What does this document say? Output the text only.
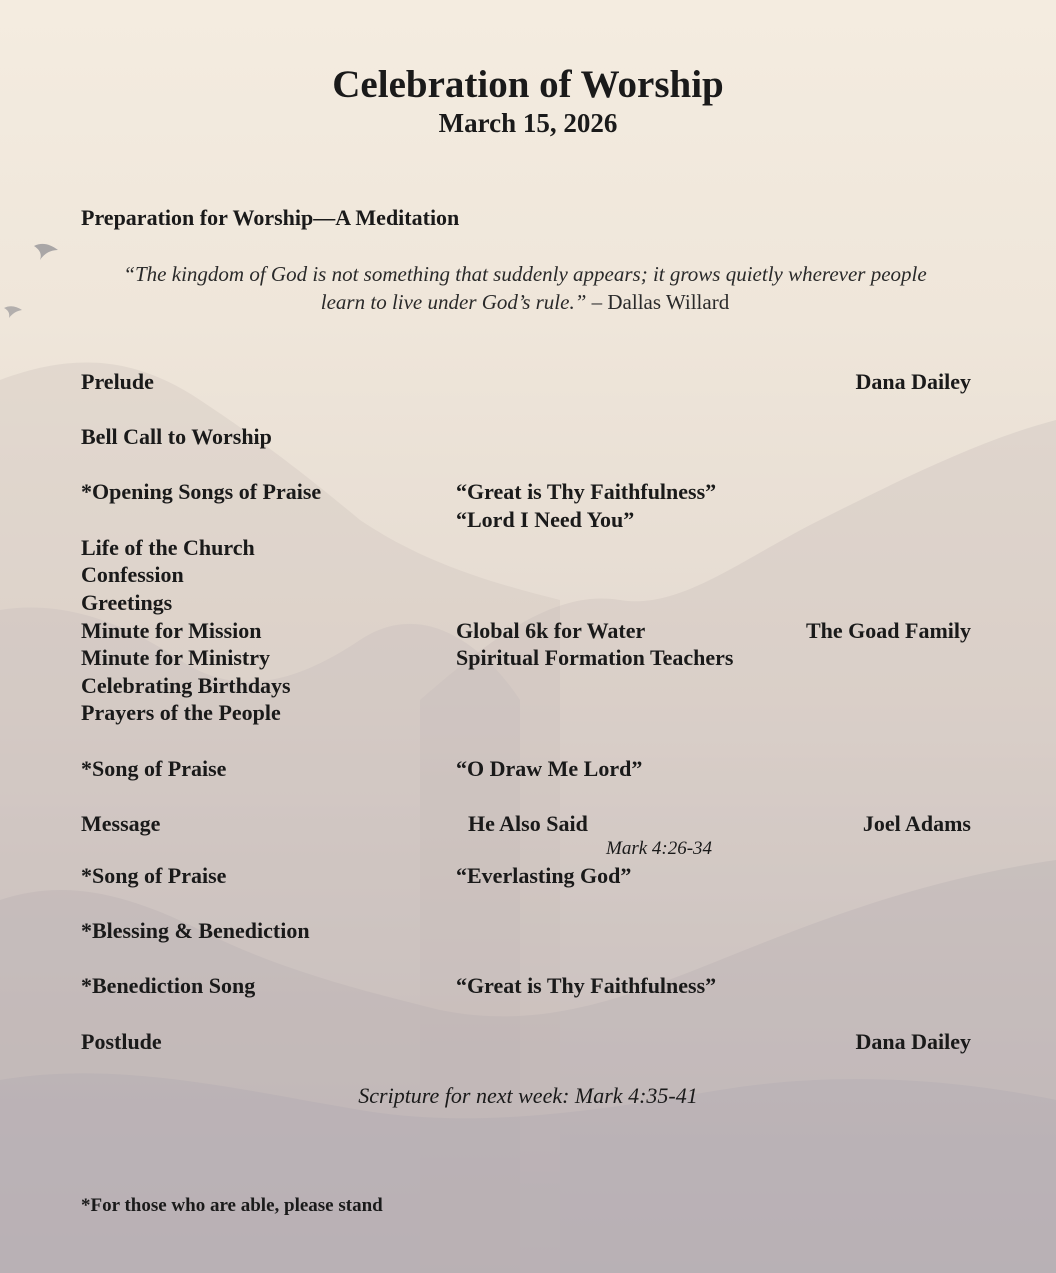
Celebration of Worship
March 15, 2026
Preparation for Worship—A Meditation
“The kingdom of God is not something that suddenly appears; it grows quietly wherever people
learn to live under God’s rule.” – Dallas Willard
Prelude	Dana Dailey
Bell Call to Worship
*Opening Songs of Praise	“Great is Thy Faithfulness”
“Lord I Need You”
Life of the Church
Confession
Greetings
Minute for Mission	Global 6k for Water	The Goad Family
Minute for Ministry	Spiritual Formation Teachers
Celebrating Birthdays
Prayers of the People
*Song of Praise	“O Draw Me Lord”
Message	He Also Said	Joel Adams
Mark 4:26-34
*Song of Praise	“Everlasting God”
*Blessing & Benediction
*Benediction Song	“Great is Thy Faithfulness”
Postlude	Dana Dailey
Scripture for next week: Mark 4:35-41
*For those who are able, please stand
